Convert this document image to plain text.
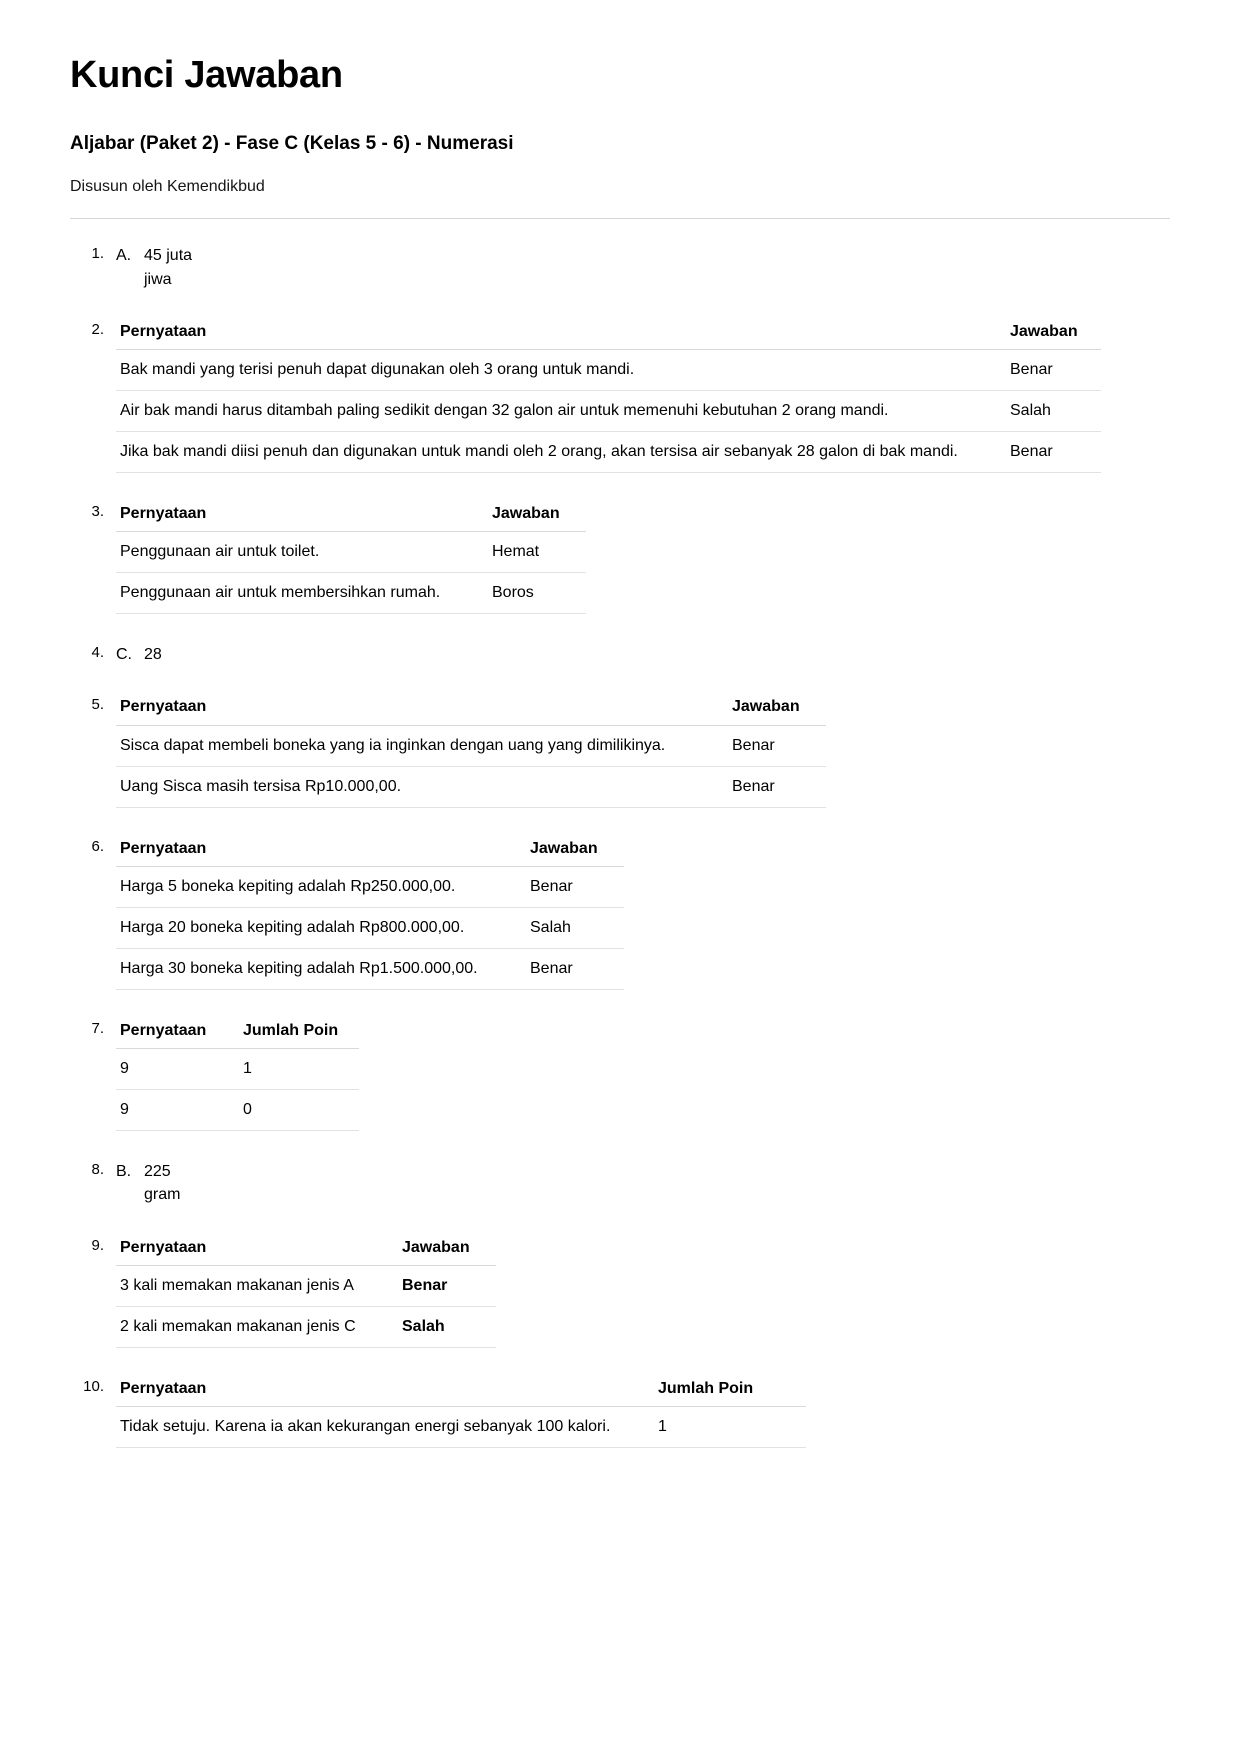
Kunci Jawaban
Aljabar (Paket 2) - Fase C (Kelas 5 - 6) - Numerasi

Disusun oleh Kemendikbud

1. A. 45 juta jiwa
2.	Pernyataan	Jawaban
Bak mandi yang terisi penuh dapat digunakan oleh 3 orang untuk mandi.	Benar
Air bak mandi harus ditambah paling sedikit dengan 32 galon air untuk memenuhi kebutuhan 2 orang mandi.	Salah
Jika bak mandi diisi penuh dan digunakan untuk mandi oleh 2 orang, akan tersisa air sebanyak 28 galon di bak mandi.	Benar
3.	Pernyataan	Jawaban
Penggunaan air untuk toilet.	Hemat
Penggunaan air untuk membersihkan rumah.	Boros
4. C. 28
5.	Pernyataan	Jawaban
Sisca dapat membeli boneka yang ia inginkan dengan uang yang dimilikinya.	Benar
Uang Sisca masih tersisa Rp10.000,00.	Benar
6.	Pernyataan	Jawaban
Harga 5 boneka kepiting adalah Rp250.000,00.	Benar
Harga 20 boneka kepiting adalah Rp800.000,00.	Salah
Harga 30 boneka kepiting adalah Rp1.500.000,00.	Benar
7.	Pernyataan	Jumlah Poin
9	1
9	0
8. B. 225 gram
9.	Pernyataan	Jawaban
3 kali memakan makanan jenis A	Benar
2 kali memakan makanan jenis C	Salah
10.	Pernyataan	Jumlah Poin
Tidak setuju. Karena ia akan kekurangan energi sebanyak 100 kalori.	1
